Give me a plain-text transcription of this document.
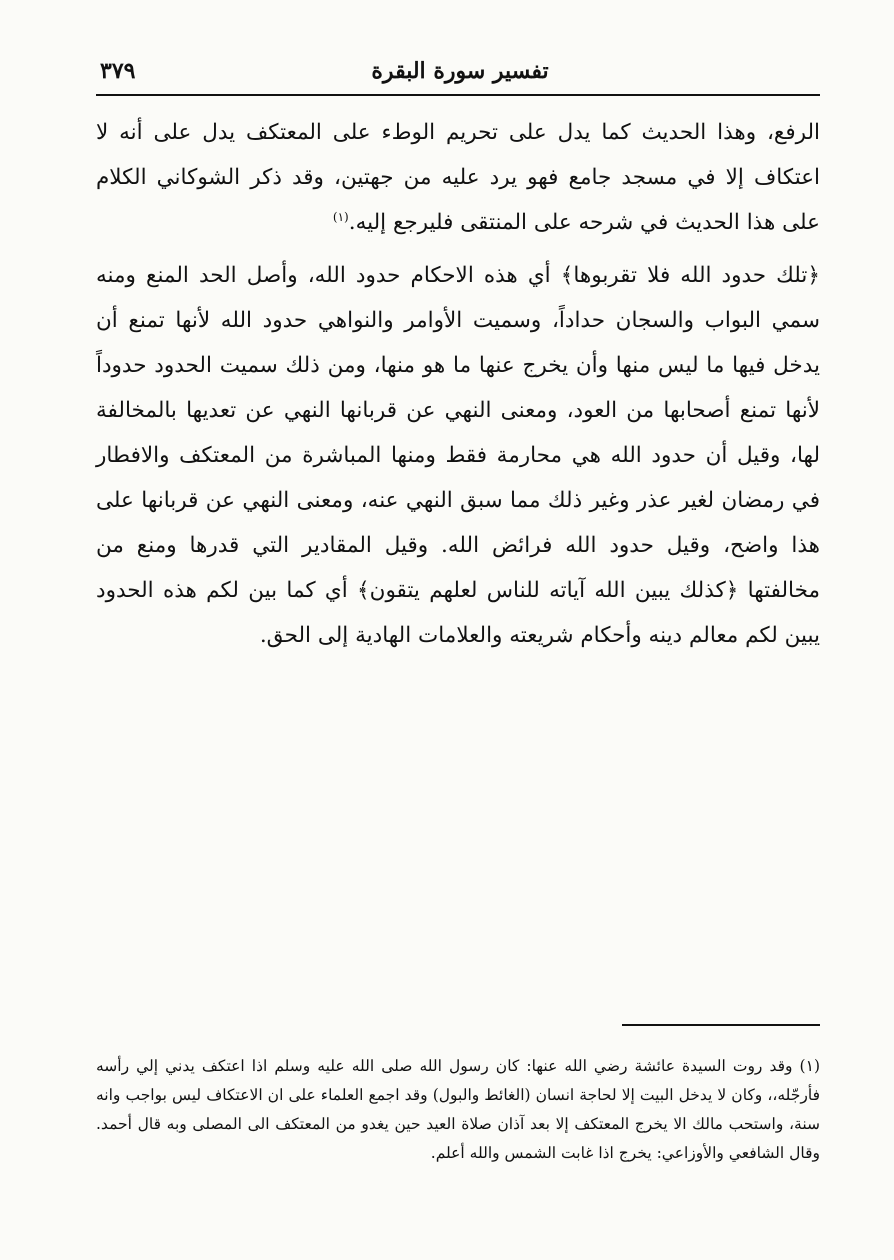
٣٧٩	تفسير سورة البقرة

الرفع، وهذا الحديث كما يدل على تحريم الوطء على المعتكف يدل على أنه لا اعتكاف إلا في مسجد جامع فهو يرد عليه من جهتين، وقد ذكر الشوكاني الكلام على هذا الحديث في شرحه على المنتقى فليرجع إليه.$^{(١)}$

﴿تلك حدود الله فلا تقربوها﴾ أي هذه الاحكام حدود الله، وأصل الحد المنع ومنه سمي البواب والسجان حداداً، وسميت الأوامر والنواهي حدود الله لأنها تمنع أن يدخل فيها ما ليس منها وأن يخرج عنها ما هو منها، ومن ذلك سميت الحدود حدوداً لأنها تمنع أصحابها من العود، ومعنى النهي عن قربانها النهي عن تعديها بالمخالفة لها، وقيل أن حدود الله هي محارمة فقط ومنها المباشرة من المعتكف والافطار في رمضان لغير عذر وغير ذلك مما سبق النهي عنه، ومعنى النهي عن قربانها على هذا واضح، وقيل حدود الله فرائض الله. وقيل المقادير التي قدرها ومنع من مخالفتها ﴿كذلك يبين الله آياته للناس لعلهم يتقون﴾ أي كما بين لكم هذه الحدود يبين لكم معالم دينه وأحكام شريعته والعلامات الهادية إلى الحق.

(١) وقد روت السيدة عائشة رضي الله عنها: كان رسول الله صلى الله عليه وسلم اذا اعتكف يدني إلي رأسه فأرجّله،، وكان لا يدخل البيت إلا لحاجة انسان (الغائط والبول) وقد اجمع العلماء على ان الاعتكاف ليس بواجب وانه سنة، واستحب مالك الا يخرج المعتكف إلا بعد آذان صلاة العيد حين يغدو من المعتكف الى المصلى وبه قال أحمد. وقال الشافعي والأوزاعي: يخرج اذا غابت الشمس والله أعلم.
